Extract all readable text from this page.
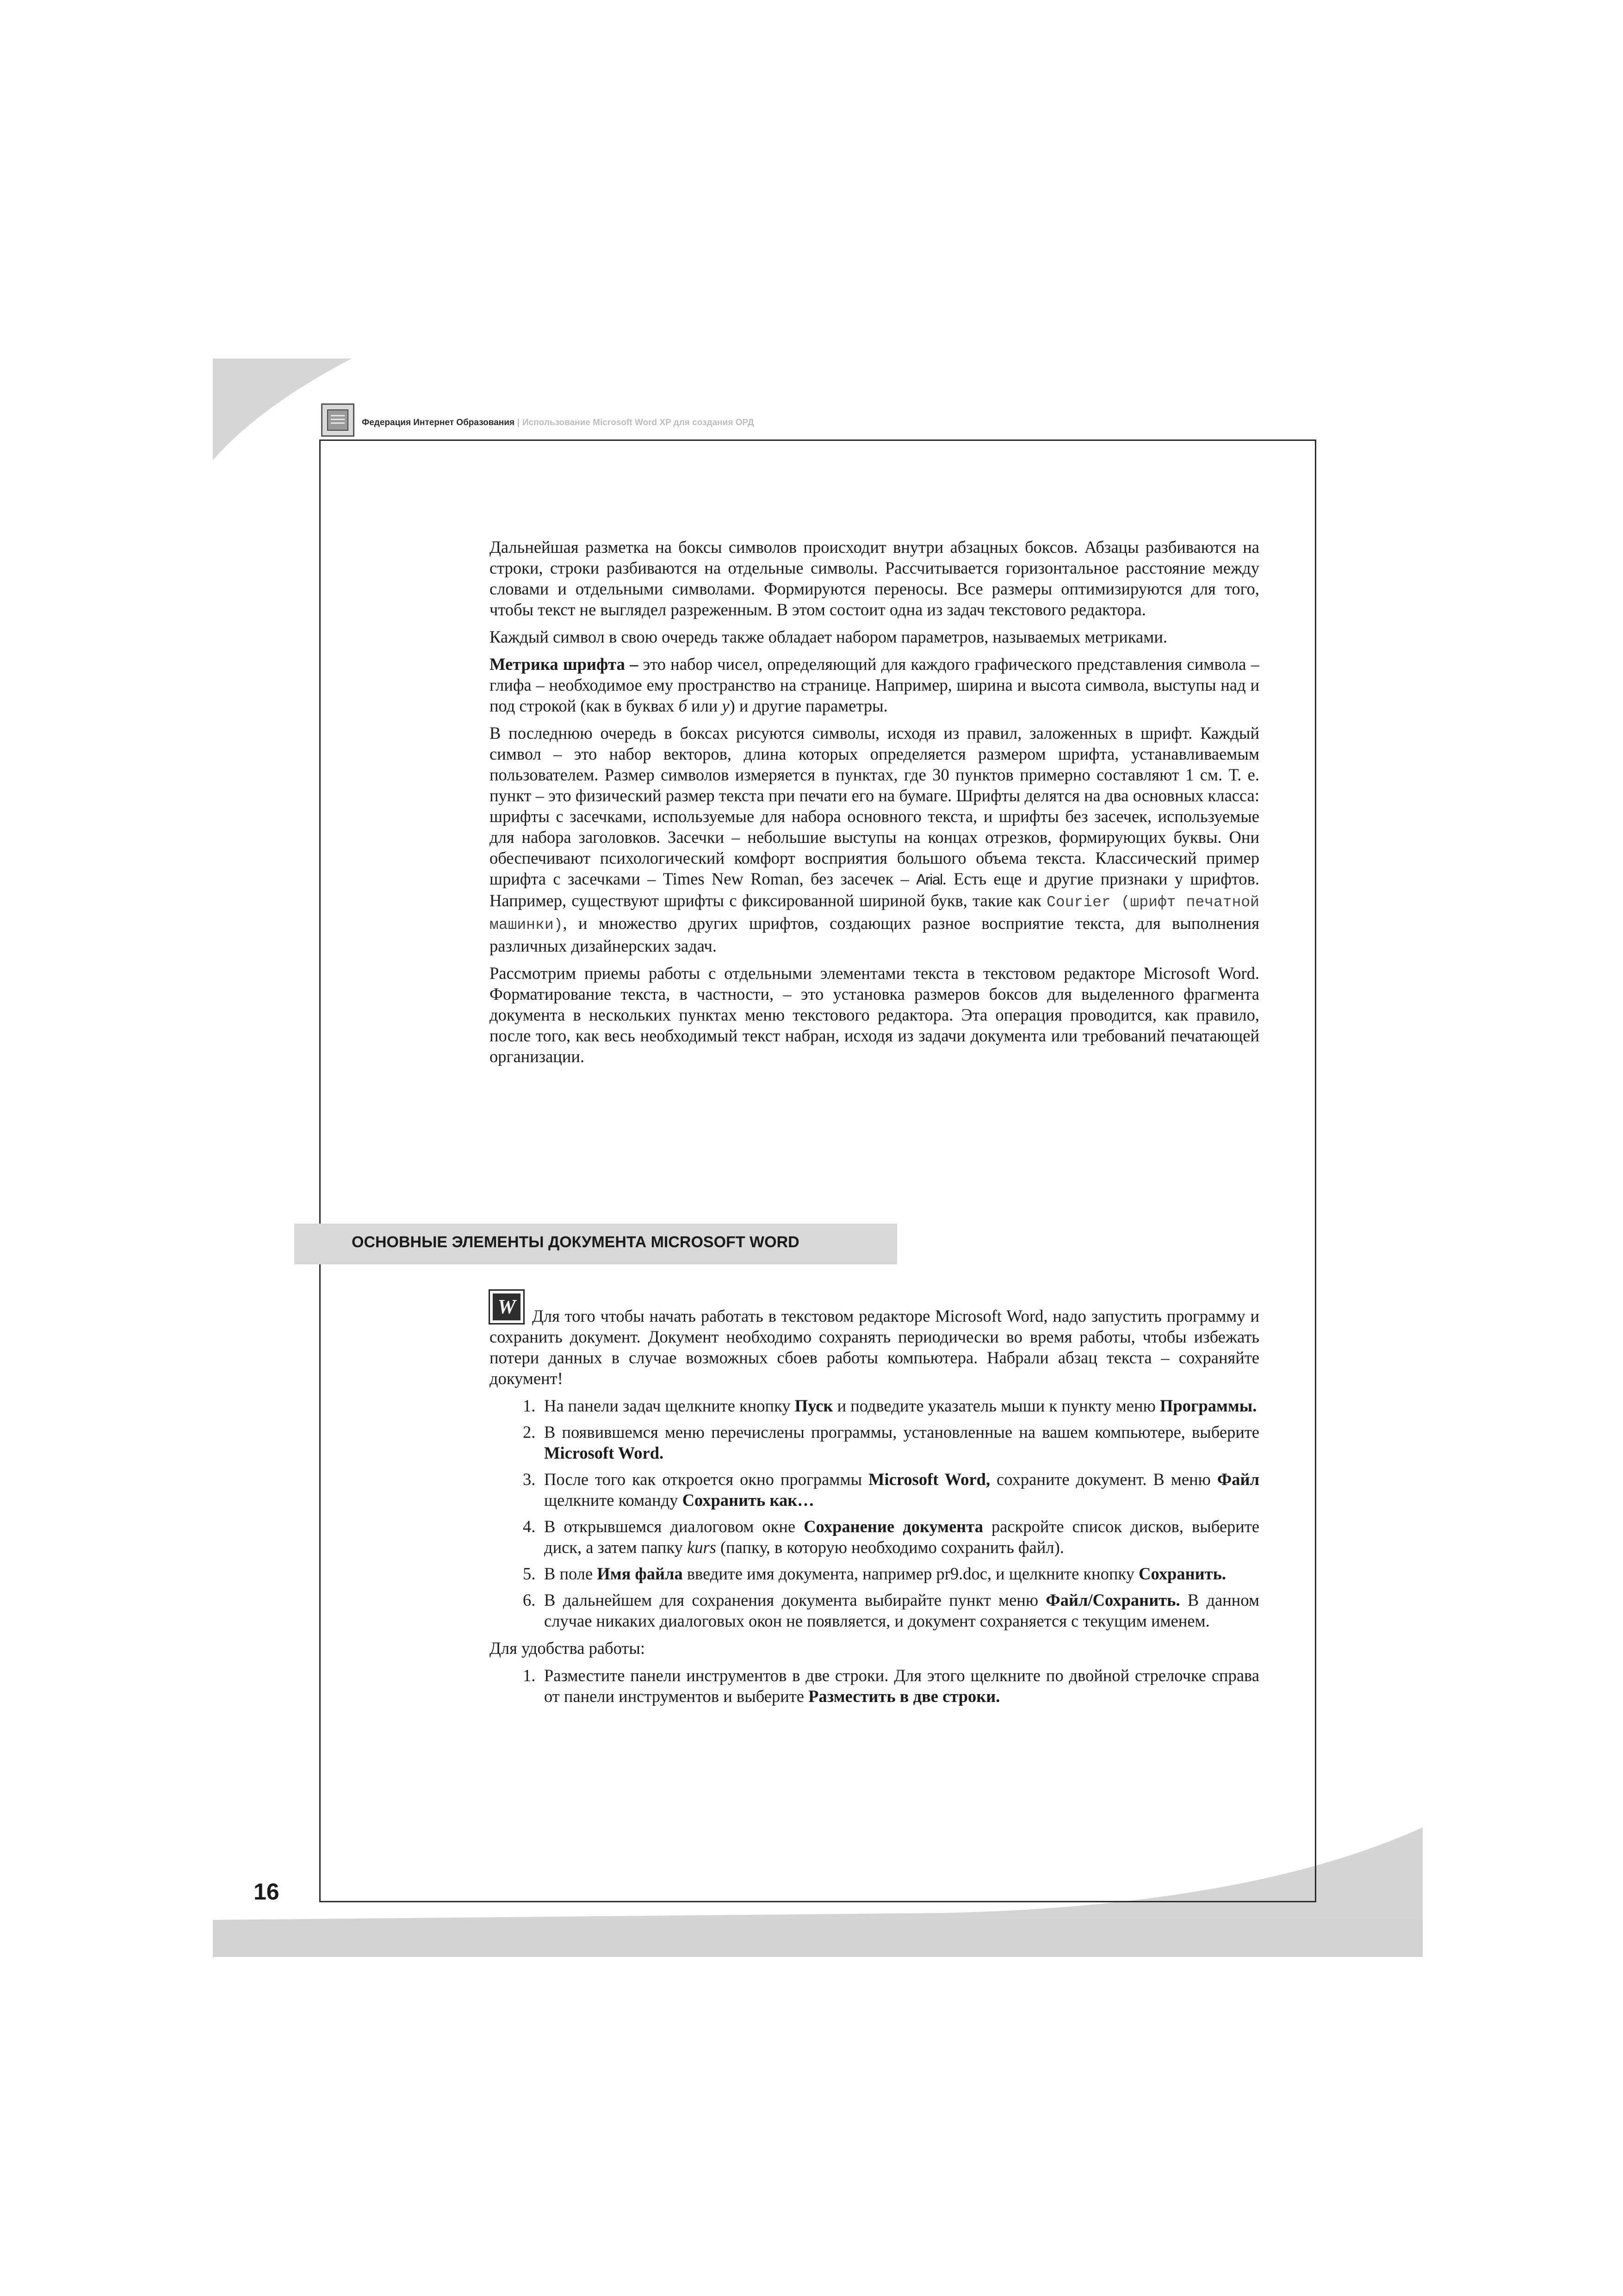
Федерация Интернет Образования | Использование Microsoft Word XP для создания ОРД

Дальнейшая разметка на боксы символов происходит внутри абзацных боксов. Абзацы разбиваются на строки, строки разбиваются на отдельные символы. Рассчитывается горизонтальное расстояние между словами и отдельными символами. Формируются переносы. Все размеры оптимизируются для того, чтобы текст не выглядел разреженным. В этом состоит одна из задач текстового редактора.

Каждый символ в свою очередь также обладает набором параметров, называемых метриками.

Метрика шрифта – это набор чисел, определяющий для каждого графического представления символа – глифа – необходимое ему пространство на странице. Например, ширина и высота символа, выступы над и под строкой (как в буквах б или у) и другие параметры.

В последнюю очередь в боксах рисуются символы, исходя из правил, заложенных в шрифт. Каждый символ – это набор векторов, длина которых определяется размером шрифта, устанавливаемым пользователем. Размер символов измеряется в пунктах, где 30 пунктов примерно составляют 1 см. Т. е. пункт – это физический размер текста при печати его на бумаге. Шрифты делятся на два основных класса: шрифты с засечками, используемые для набора основного текста, и шрифты без засечек, используемые для набора заголовков. Засечки – небольшие выступы на концах отрезков, формирующих буквы. Они обеспечивают психологический комфорт восприятия большого объема текста. Классический пример шрифта с засечками – Times New Roman, без засечек – Arial. Есть еще и другие признаки у шрифтов. Например, существуют шрифты с фиксированной шириной букв, такие как Courier (шрифт печатной машинки), и множество других шрифтов, создающих разное восприятие текста, для выполнения различных дизайнерских задач.

Рассмотрим приемы работы с отдельными элементами текста в текстовом редакторе Microsoft Word. Форматирование текста, в частности, – это установка размеров боксов для выделенного фрагмента документа в нескольких пунктах меню текстового редактора. Эта операция проводится, как правило, после того, как весь необходимый текст набран, исходя из задачи документа или требований печатающей организации.

ОСНОВНЫЕ ЭЛЕМЕНТЫ ДОКУМЕНТА MICROSOFT WORD
W Для того чтобы начать работать в текстовом редакторе Microsoft Word, надо запустить программу и сохранить документ. Документ необходимо сохранять периодически во время работы, чтобы избежать потери данных в случае возможных сбоев работы компьютера. Набрали абзац текста – сохраняйте документ!

1. На панели задач щелкните кнопку Пуск и подведите указатель мыши к пункту меню Программы.
2. В появившемся меню перечислены программы, установленные на вашем компьютере, выберите Microsoft Word.
3. После того как откроется окно программы Microsoft Word, сохраните документ. В меню Файл щелкните команду Сохранить как…
4. В открывшемся диалоговом окне Сохранение документа раскройте список дисков, выберите диск, а затем папку kurs (папку, в которую необходимо сохранить файл).
5. В поле Имя файла введите имя документа, например pr9.doc, и щелкните кнопку Сохранить.
6. В дальнейшем для сохранения документа выбирайте пункт меню Файл/Сохранить. В данном случае никаких диалоговых окон не появляется, и документ сохраняется с текущим именем.

Для удобства работы:

1. Разместите панели инструментов в две строки. Для этого щелкните по двойной стрелочке справа от панели инструментов и выберите Разместить в две строки.
16
